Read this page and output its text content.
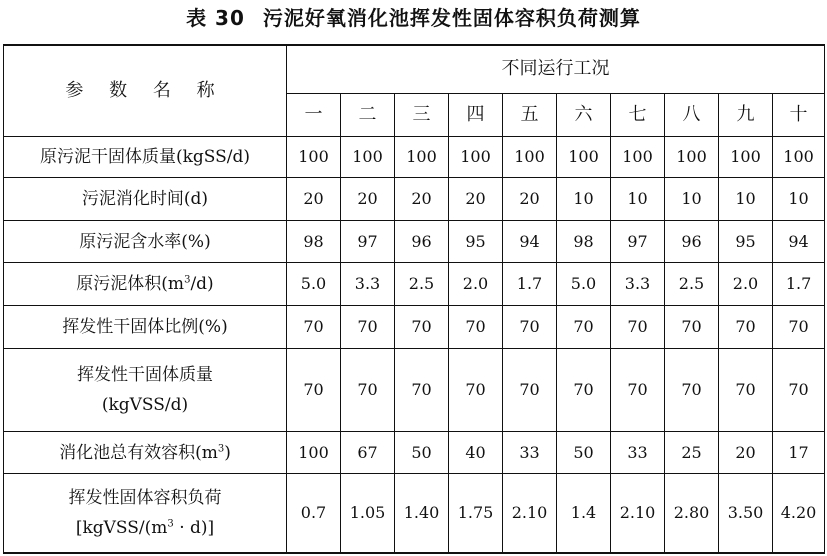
表 30 污泥好氧消化池挥发性固体容积负荷测算
参 数 名 称	不同运行工况									
	一	二	三	四	五	六	七	八	九	十
原污泥干固体质量(kgSS/d)	100	100	100	100	100	100	100	100	100	100
污泥消化时间(d)	20	20	20	20	20	10	10	10	10	10
原污泥含水率(%)	98	97	96	95	94	98	97	96	95	94
原污泥体积$(m^3/d)$	5.0	3.3	2.5	2.0	1.7	5.0	3.3	2.5	2.0	1.7
挥发性干固体比例(%)	70	70	70	70	70	70	70	70	70	70

挥发性干固体质量
(kgVSS/d)	70	70	70	70	70	70	70	70	70	70
消化池总有效容积$(m^3)$	100	67	50	40	33	50	33	25	20	17

挥发性固体容积负荷
$[kgVSS/(m^3 \cdot d)]$	0.7	1.05	1.40	1.75	2.10	1.4	2.10	2.80	3.50	4.20
